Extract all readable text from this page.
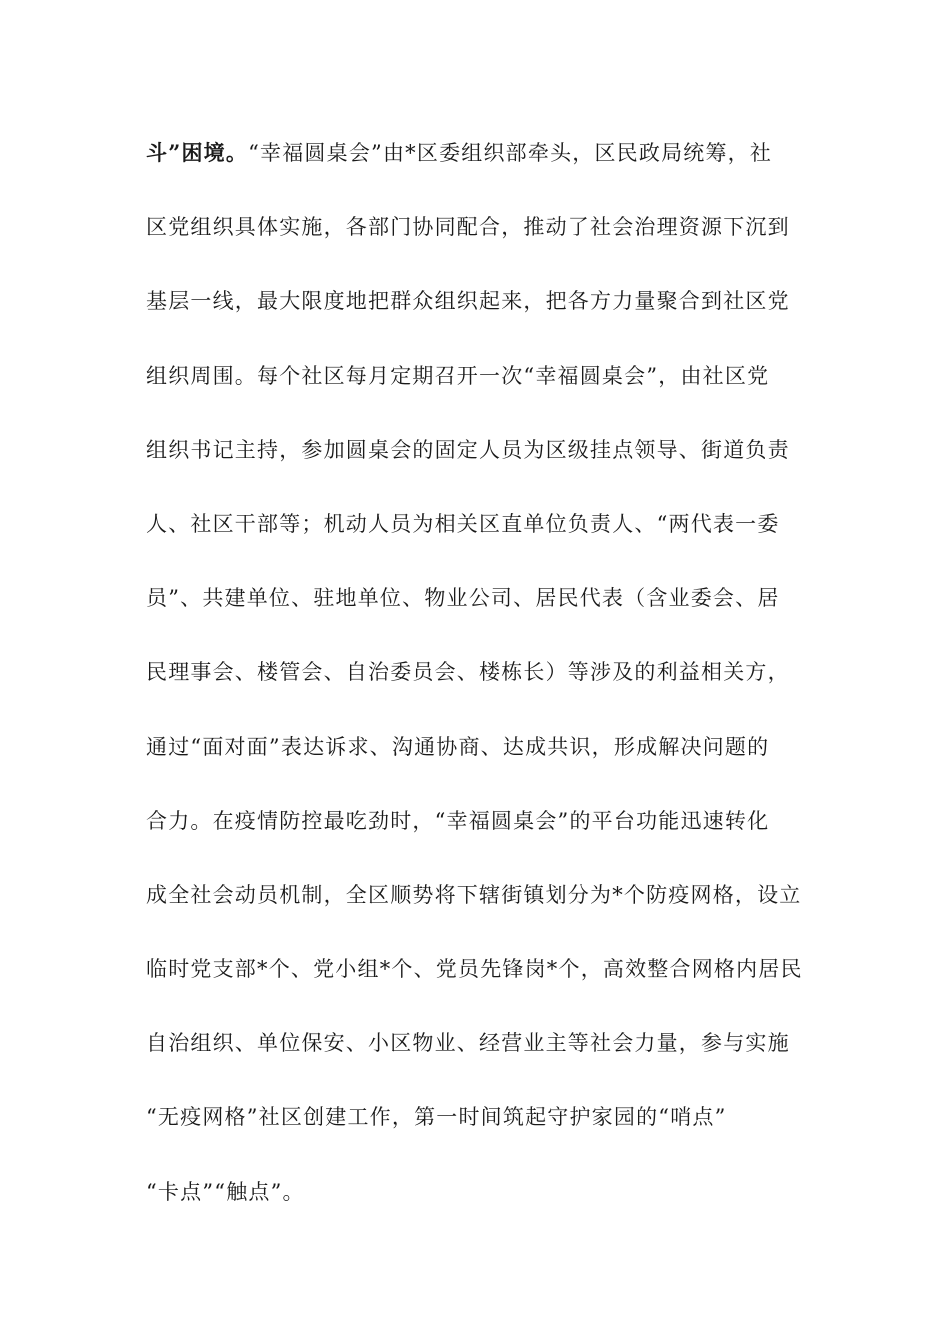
斗”困境。“幸福圆桌会”由*区委组织部牵头，区民政局统筹，社
区党组织具体实施，各部门协同配合，推动了社会治理资源下沉到
基层一线，最大限度地把群众组织起来，把各方力量聚合到社区党
组织周围。每个社区每月定期召开一次“幸福圆桌会”，由社区党
组织书记主持，参加圆桌会的固定人员为区级挂点领导、街道负责
人、社区干部等；机动人员为相关区直单位负责人、“两代表一委
员”、共建单位、驻地单位、物业公司、居民代表（含业委会、居
民理事会、楼管会、自治委员会、楼栋长）等涉及的利益相关方，
通过“面对面”表达诉求、沟通协商、达成共识，形成解决问题的
合力。在疫情防控最吃劲时，“幸福圆桌会”的平台功能迅速转化
成全社会动员机制，全区顺势将下辖街镇划分为*个防疫网格，设立
临时党支部*个、党小组*个、党员先锋岗*个，高效整合网格内居民
自治组织、单位保安、小区物业、经营业主等社会力量，参与实施
“无疫网格”社区创建工作，第一时间筑起守护家园的“哨点”
“卡点”“触点”。
